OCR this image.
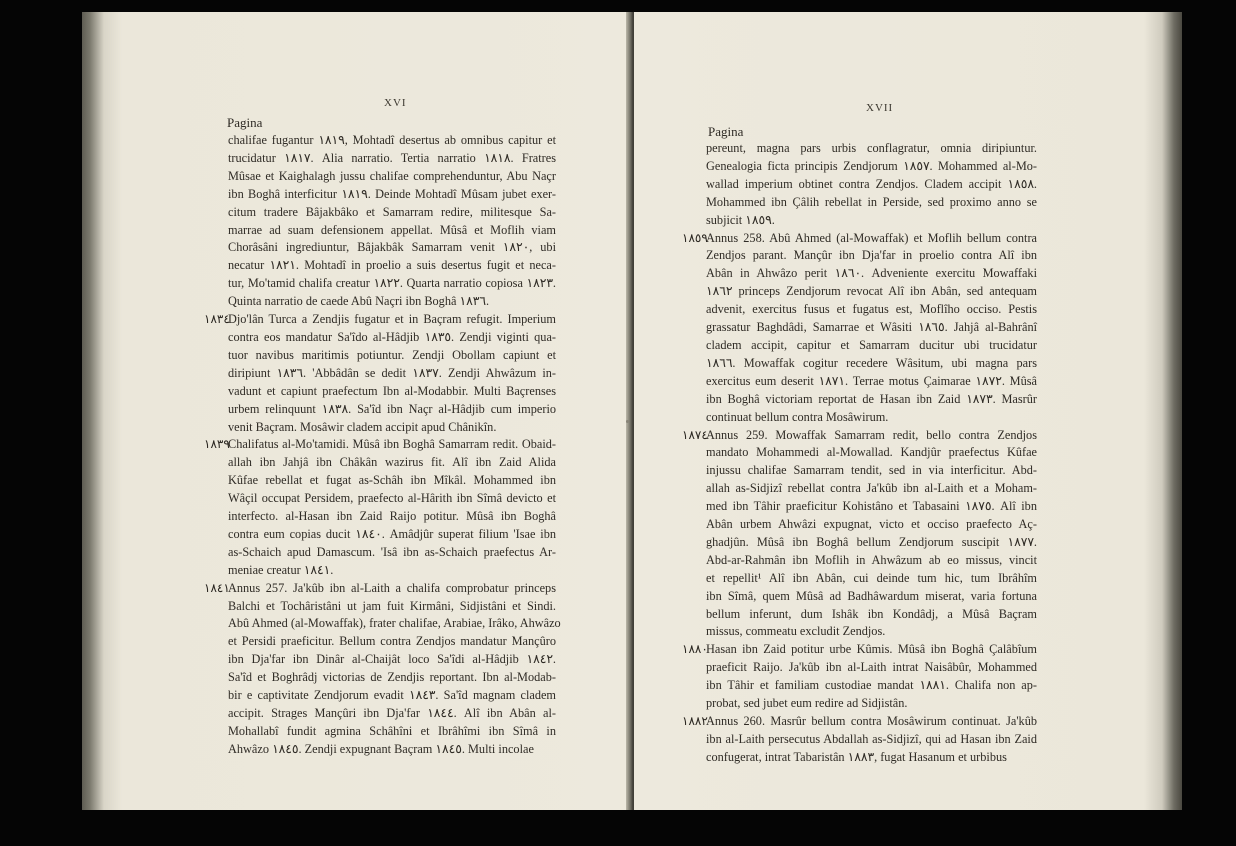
XVI
Pagina
chalifae fugantur ١٨١٩, Mohtadî desertus ab omnibus capitur et
trucidatur ١٨١٧. Alia narratio. Tertia narratio ١٨١٨. Fratres
Mûsae et Kaighalagh jussu chalifae comprehenduntur, Abu Naçr
ibn Boghâ interficitur ١٨١٩. Deinde Mohtadî Mûsam jubet exer-
citum tradere Bâjakbâko et Samarram redire, militesque Sa-
marrae ad suam defensionem appellat. Mûsâ et Moflih viam
Chorâsâni ingrediuntur, Bâjakbâk Samarram venit ١٨٢٠, ubi
necatur ١٨٢١. Mohtadî in proelio a suis desertus fugit et neca-
tur, Mo'tamid chalifa creatur ١٨٢٢. Quarta narratio copiosa ١٨٢٣.
Quinta narratio de caede Abû Naçri ibn Boghâ ١٨٣٦.
١٨٣٤
Djo'lân Turca a Zendjis fugatur et in Baçram refugit. Imperium
contra eos mandatur Sa'îdo al-Hâdjib ١٨٣٥. Zendji viginti qua-
tuor navibus maritimis potiuntur. Zendji Obollam capiunt et
diripiunt ١٨٣٦. 'Abbâdân se dedit ١٨٣٧. Zendji Ahwâzum in-
vadunt et capiunt praefectum Ibn al-Modabbir. Multi Baçrenses
urbem relinquunt ١٨٣٨. Sa'îd ibn Naçr al-Hâdjib cum imperio
venit Baçram. Mosâwir cladem accipit apud Chânikîn.
١٨٣٩
Chalifatus al-Mo'tamidi. Mûsâ ibn Boghâ Samarram redit. Obaid-
allah ibn Jahjâ ibn Châkân wazirus fit. Alî ibn Zaid Alida
Kûfae rebellat et fugat as-Schâh ibn Mîkâl. Mohammed ibn
Wâçil occupat Persidem, praefecto al-Hârith ibn Sîmâ devicto et
interfecto. al-Hasan ibn Zaid Raijo potitur. Mûsâ ibn Boghâ
contra eum copias ducit ١٨٤٠. Amâdjûr superat filium 'Isae ibn
as-Schaich apud Damascum. 'Isâ ibn as-Schaich praefectus Ar-
meniae creatur ١٨٤١.
١٨٤١
Annus 257. Ja'kûb ibn al-Laith a chalifa comprobatur princeps
Balchi et Tochâristâni ut jam fuit Kirmâni, Sidjistâni et Sindi.
Abû Ahmed (al-Mowaffak), frater chalifae, Arabiae, Irâko, Ahwâzo
et Persidi praeficitur. Bellum contra Zendjos mandatur Mançûro
ibn Dja'far ibn Dinâr al-Chaijât loco Sa'îdi al-Hâdjib ١٨٤٢.
Sa'îd et Boghrâdj victorias de Zendjis reportant. Ibn al-Modab-
bir e captivitate Zendjorum evadit ١٨٤٣. Sa'îd magnam cladem
accipit. Strages Mançûri ibn Dja'far ١٨٤٤. Alî ibn Abân al-
Mohallabî fundit agmina Schâhîni et Ibrâhîmi ibn Sîmâ in
Ahwâzo ١٨٤٥. Zendji expugnant Baçram ١٨٤٥. Multi incolae
XVII
Pagina
pereunt, magna pars urbis conflagratur, omnia diripiuntur.
Genealogia ficta principis Zendjorum ١٨٥٧. Mohammed al-Mo-
wallad imperium obtinet contra Zendjos. Cladem accipit ١٨٥٨.
Mohammed ibn Çâlih rebellat in Perside, sed proximo anno se
subjicit ١٨٥٩.
١٨٥٩
Annus 258. Abû Ahmed (al-Mowaffak) et Moflih bellum contra
Zendjos parant. Mançûr ibn Dja'far in proelio contra Alî ibn
Abân in Ahwâzo perit ١٨٦٠. Adveniente exercitu Mowaffaki
١٨٦٢ princeps Zendjorum revocat Alî ibn Abân, sed antequam
advenit, exercitus fusus et fugatus est, Moflîho occiso. Pestis
grassatur Baghdâdi, Samarrae et Wâsiti ١٨٦٥. Jahjâ al-Bahrânî
cladem accipit, capitur et Samarram ducitur ubi trucidatur
١٨٦٦. Mowaffak cogitur recedere Wâsitum, ubi magna pars
exercitus eum deserit ١٨٧١. Terrae motus Çaimarae ١٨٧٢. Mûsâ
ibn Boghâ victoriam reportat de Hasan ibn Zaid ١٨٧٣. Masrûr
continuat bellum contra Mosâwirum.
١٨٧٤
Annus 259. Mowaffak Samarram redit, bello contra Zendjos
mandato Mohammedi al-Mowallad. Kandjûr praefectus Kûfae
injussu chalifae Samarram tendit, sed in via interficitur. Abd-
allah as-Sidjizî rebellat contra Ja'kûb ibn al-Laith et a Moham-
med ibn Tâhir praeficitur Kohistâno et Tabasaini ١٨٧٥. Alî ibn
Abân urbem Ahwâzi expugnat, victo et occiso praefecto Aç-
ghadjûn. Mûsâ ibn Boghâ bellum Zendjorum suscipit ١٨٧٧.
Abd-ar-Rahmân ibn Moflih in Ahwâzum ab eo missus, vincit
et repellit¹ Alî ibn Abân, cui deinde tum hic, tum Ibrâhîm
ibn Sîmâ, quem Mûsâ ad Badhâwardum miserat, varia fortuna
bellum inferunt, dum Ishâk ibn Kondâdj, a Mûsâ Baçram
missus, commeatu excludit Zendjos.
١٨٨٠
Hasan ibn Zaid potitur urbe Kûmis. Mûsâ ibn Boghâ Çalâbîum
praeficit Raijo. Ja'kûb ibn al-Laith intrat Naisâbûr, Mohammed
ibn Tâhir et familiam custodiae mandat ١٨٨١. Chalifa non ap-
probat, sed jubet eum redire ad Sidjistân.
١٨٨٢
Annus 260. Masrûr bellum contra Mosâwirum continuat. Ja'kûb
ibn al-Laith persecutus Abdallah as-Sidjizî, qui ad Hasan ibn Zaid
confugerat, intrat Tabaristân ١٨٨٣, fugat Hasanum et urbibus
